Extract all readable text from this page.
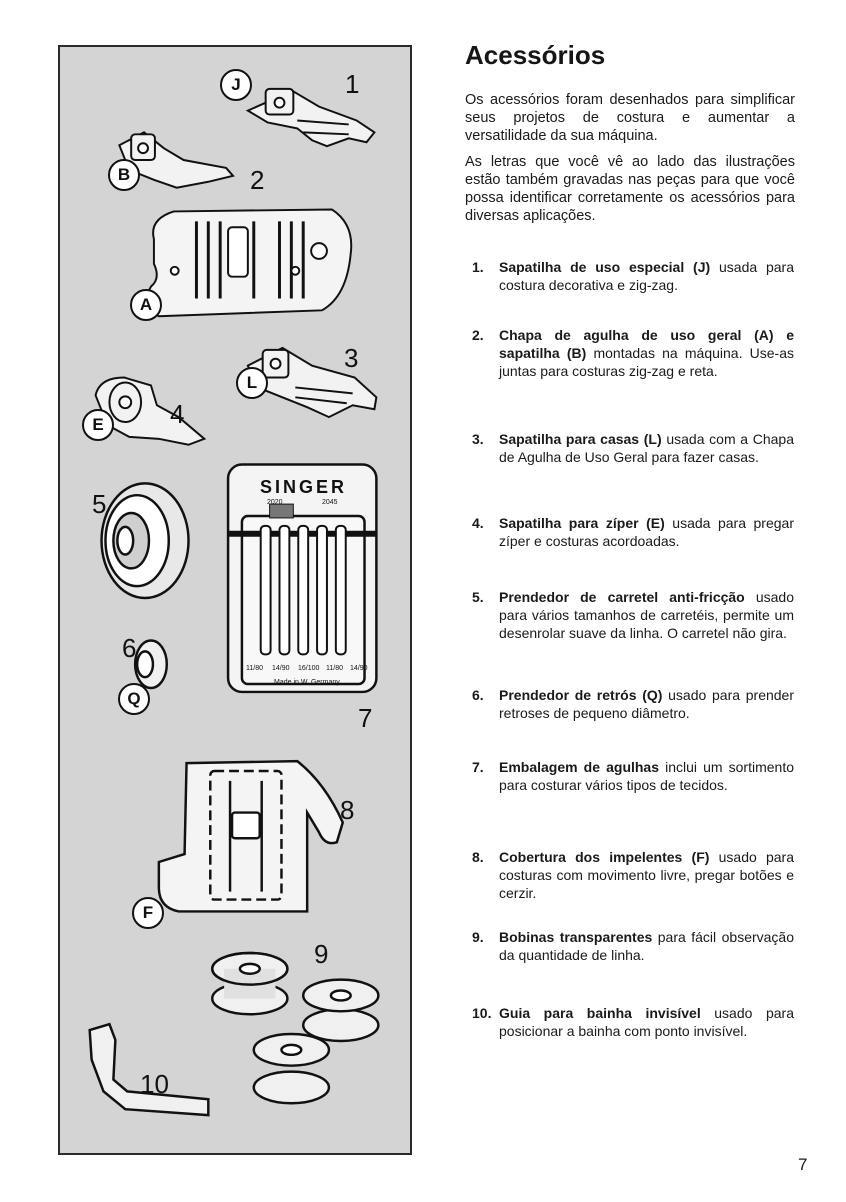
1
2
3
4
5
6
7
8
9
10
J
B
A
L
E
Q
F
SINGER
2020	2045
11/80 14/90 16/100 11/80 14/90
Made in W. Germany
Acessórios

Os acessórios foram desenhados para simplificar seus projetos de costura e aumentar a versatilidade da sua máquina.

As letras que você vê ao lado das ilustrações estão também gravadas nas peças para que você possa identificar corretamente os acessórios para diversas aplicações.

1. Sapatilha de uso especial (J) usada para costura decorativa e zig-zag.
2. Chapa de agulha de uso geral (A) e sapatilha (B) montadas na máquina. Use-as juntas para costuras zig-zag e reta.
3. Sapatilha para casas (L) usada com a Chapa de Agulha de Uso Geral para fazer casas.
4. Sapatilha para zíper (E) usada para pregar zíper e costuras acordoadas.
5. Prendedor de carretel anti-fricção usado para vários tamanhos de carretéis, permite um desenrolar suave da linha. O carretel não gira.
6. Prendedor de retrós (Q) usado para prender retroses de pequeno diâmetro.
7. Embalagem de agulhas inclui um sortimento para costurar vários tipos de tecidos.
8. Cobertura dos impelentes (F) usado para costuras com movimento livre, pregar botões e cerzir.
9. Bobinas transparentes para fácil observação da quantidade de linha.
10. Guia para bainha invisível usado para posicionar a bainha com ponto invisível.
7
